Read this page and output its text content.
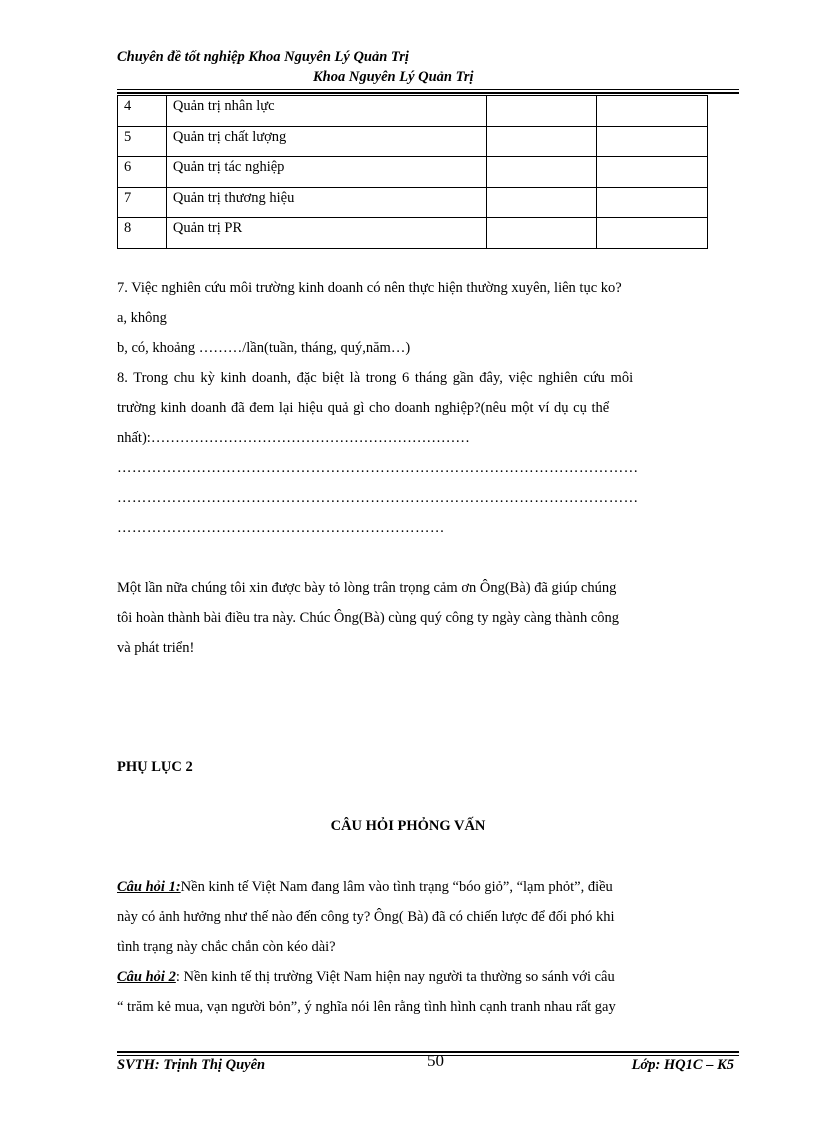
Chuyên đề tốt nghiệp Khoa Nguyên Lý Quản Trị
Khoa Nguyên Lý Quản Trị
4	Quản trị nhân lực		
5	Quản trị chất lượng		
6	Quản trị tác nghiệp		
7	Quản trị thương hiệu		
8	Quản trị PR		
7. Việc nghiên cứu môi trường kinh doanh có nên thực hiện thường xuyên, liên tục ko?
a, không
b, có, khoảng ………/lần(tuần, tháng, quý,năm…)
8. Trong chu kỳ kinh doanh, đặc biệt là trong 6 tháng gần đây, việc nghiên cứu môi
trường kinh doanh đã đem lại hiệu quả gì cho doanh nghiệp?(nêu một ví dụ cụ thể
nhất):…………………………………………………………
……………………………………………………………………………………………
……………………………………………………………………………………………
…………………………………………………………
Một lần nữa chúng tôi xin được bày tỏ lòng trân trọng cảm ơn Ông(Bà) đã giúp chúng
tôi hoàn thành bài điều tra này. Chúc Ông(Bà) cùng quý công ty ngày càng thành công
và phát triển!
PHỤ LỤC 2
CÂU HỎI PHỎNG VẤN
Câu hỏi 1:Nền kinh tế Việt Nam đang lâm vào tình trạng “bóo giỏ”, “lạm phỏt”, điều
này có ảnh hưởng như thế nào đến công ty? Ông( Bà) đã có chiến lược để đối phó khi
tình trạng này chắc chắn còn kéo dài?
Câu hỏi 2: Nền kinh tế thị trường Việt Nam hiện nay người ta thường so sánh với câu
“ trăm kẻ mua, vạn người bỏn”, ý nghĩa nói lên rằng tình hình cạnh tranh nhau rất gay
SVTH: Trịnh Thị Quyên	50	Lớp: HQ1C – K5
